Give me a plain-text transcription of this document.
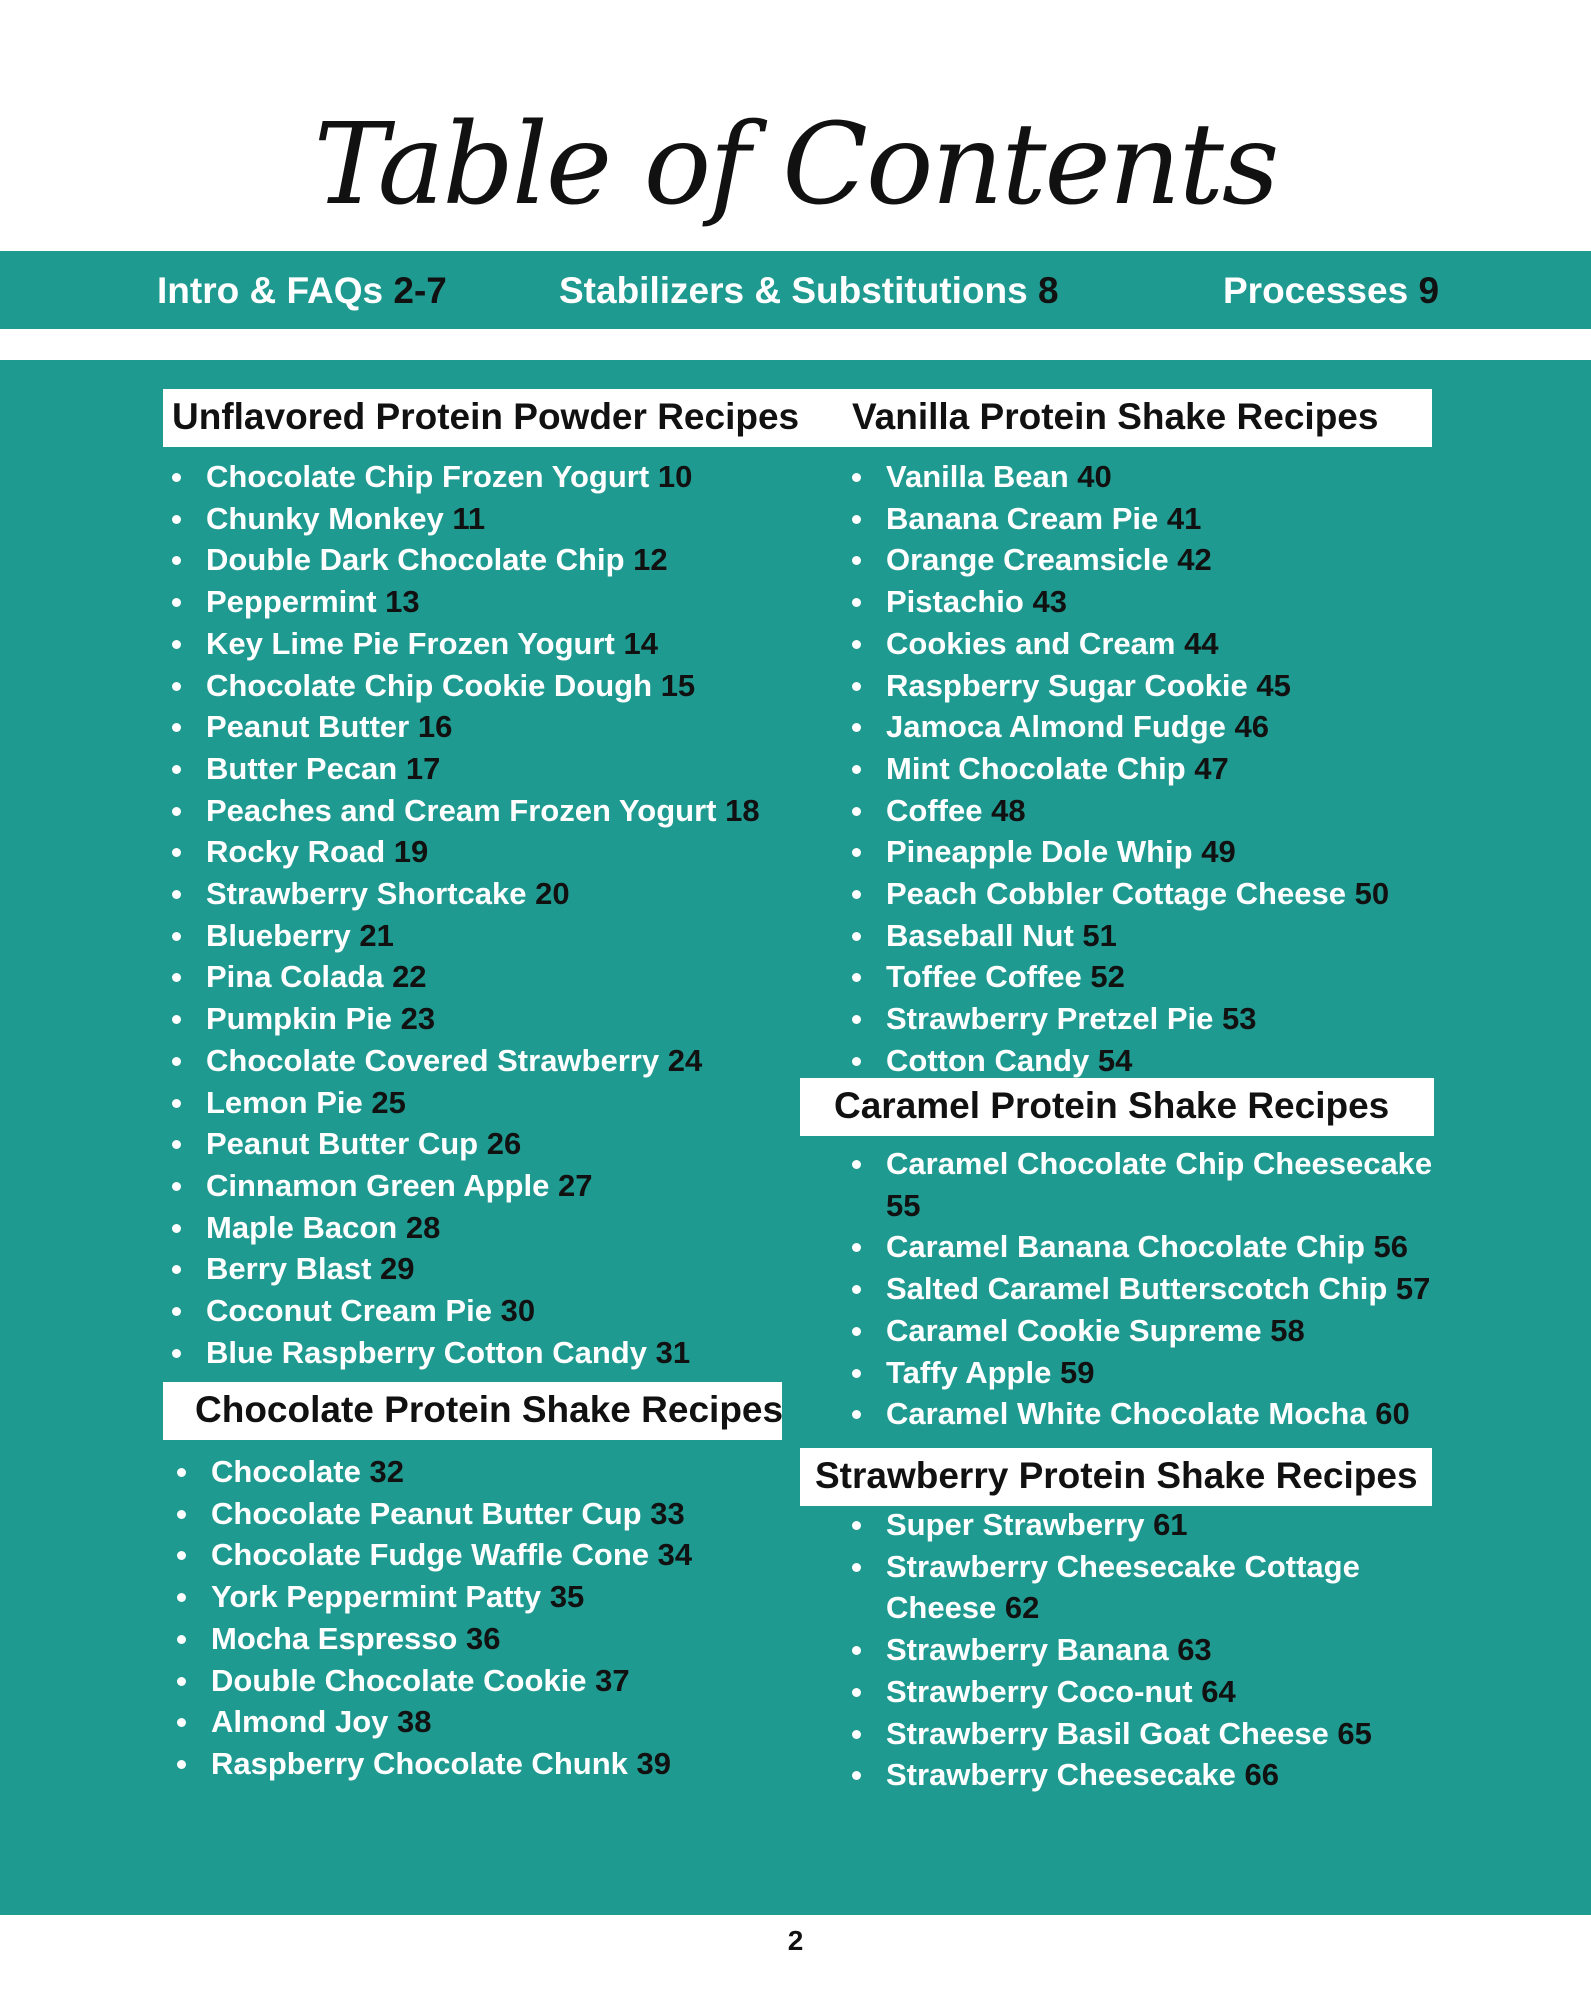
Table of Contents
Intro & FAQs 2-7	Stabilizers & Substitutions 8	Processes 9
Unflavored Protein Powder Recipes Vanilla Protein Shake Recipes
Chocolate Chip Frozen Yogurt 10
Chunky Monkey 11
Double Dark Chocolate Chip 12
Peppermint 13
Key Lime Pie Frozen Yogurt 14
Chocolate Chip Cookie Dough 15
Peanut Butter 16
Butter Pecan 17
Peaches and Cream Frozen Yogurt 18
Rocky Road 19
Strawberry Shortcake 20
Blueberry 21
Pina Colada 22
Pumpkin Pie 23
Chocolate Covered Strawberry 24
Lemon Pie 25
Peanut Butter Cup 26
Cinnamon Green Apple 27
Maple Bacon 28
Berry Blast 29
Coconut Cream Pie 30
Blue Raspberry Cotton Candy 31
Chocolate Protein Shake Recipes
Chocolate 32
Chocolate Peanut Butter Cup 33
Chocolate Fudge Waffle Cone 34
York Peppermint Patty 35
Mocha Espresso 36
Double Chocolate Cookie 37
Almond Joy 38
Raspberry Chocolate Chunk 39
Vanilla Bean 40
Banana Cream Pie 41
Orange Creamsicle 42
Pistachio 43
Cookies and Cream 44
Raspberry Sugar Cookie 45
Jamoca Almond Fudge 46
Mint Chocolate Chip 47
Coffee 48
Pineapple Dole Whip 49
Peach Cobbler Cottage Cheese 50
Baseball Nut 51
Toffee Coffee 52
Strawberry Pretzel Pie 53
Cotton Candy 54
Caramel Protein Shake Recipes
Caramel Chocolate Chip Cheesecake 55
Caramel Banana Chocolate Chip 56
Salted Caramel Butterscotch Chip 57
Caramel Cookie Supreme 58
Taffy Apple 59
Caramel White Chocolate Mocha 60
Strawberry Protein Shake Recipes
Super Strawberry 61
Strawberry Cheesecake Cottage Cheese 62
Strawberry Banana 63
Strawberry Coco-nut 64
Strawberry Basil Goat Cheese 65
Strawberry Cheesecake 66
2
